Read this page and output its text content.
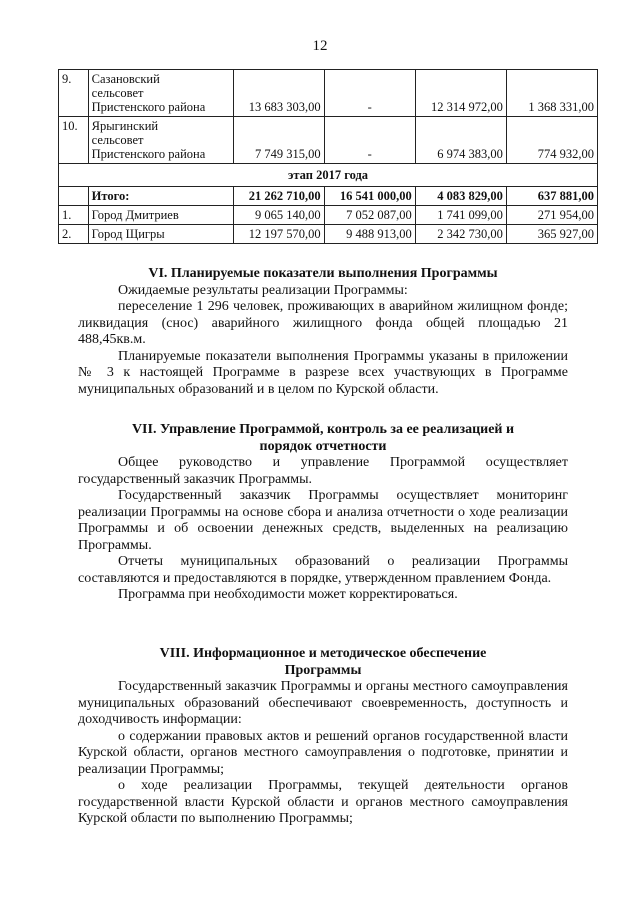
12
9.	Сазановский
сельсовет
Пристенского района	13 683 303,00	-	12 314 972,00	1 368 331,00
10.	Ярыгинский
сельсовет
Пристенского района	7 749 315,00	-	6 974 383,00	774 932,00
этап 2017 года					
	Итого:	21 262 710,00	16 541 000,00	4 083 829,00	637 881,00
1.	Город Дмитриев	9 065 140,00	7 052 087,00	1 741 099,00	271 954,00
2.	Город Щигры	12 197 570,00	9 488 913,00	2 342 730,00	365 927,00
VI. Планируемые показатели выполнения Программы

Ожидаемые результаты реализации Программы:

переселение 1 296 человек, проживающих в аварийном жилищном фонде; ликвидация (снос) аварийного жилищного фонда общей площадью 21 488,45кв.м.

Планируемые показатели выполнения Программы указаны в приложении № 3 к настоящей Программе в разрезе всех участвующих в Программе муниципальных образований и в целом по Курской области.

VII. Управление Программой, контроль за ее реализацией и
порядок отчетности

Общее руководство и управление Программой осуществляет государственный заказчик Программы.

Государственный заказчик Программы осуществляет мониторинг реализации Программы на основе сбора и анализа отчетности о ходе реализации Программы и об освоении денежных средств, выделенных на реализацию Программы.

Отчеты муниципальных образований о реализации Программы составляются и предоставляются в порядке, утвержденном правлением Фонда.

Программа при необходимости может корректироваться.

VIII. Информационное и методическое обеспечение
Программы

Государственный заказчик Программы и органы местного самоуправления муниципальных образований обеспечивают своевременность, доступность и доходчивость информации:

о содержании правовых актов и решений органов государственной власти Курской области, органов местного самоуправления о подготовке, принятии и реализации Программы;

о ходе реализации Программы, текущей деятельности органов государственной власти Курской области и органов местного самоуправления Курской области по выполнению Программы;
